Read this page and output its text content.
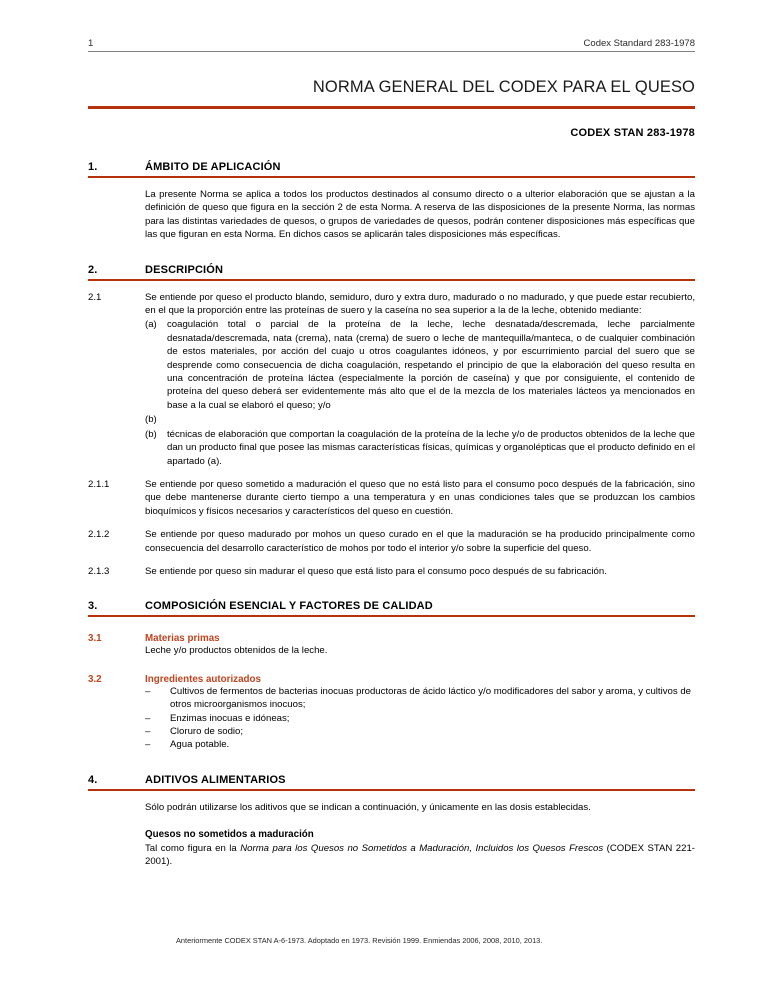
1	Codex Standard 283-1978
NORMA GENERAL DEL CODEX PARA EL QUESO
CODEX STAN 283-1978
1.	ÁMBITO DE APLICACIÓN
La presente Norma se aplica a todos los productos destinados al consumo directo o a ulterior elaboración que se ajustan a la definición de queso que figura en la sección 2 de esta Norma. A reserva de las disposiciones de la presente Norma, las normas para las distintas variedades de quesos, o grupos de variedades de quesos, podrán contener disposiciones más específicas que las que figuran en esta Norma. En dichos casos se aplicarán tales disposiciones más específicas.
2.	DESCRIPCIÓN
2.1	Se entiende por queso el producto blando, semiduro, duro y extra duro, madurado o no madurado, y que puede estar recubierto, en el que la proporción entre las proteínas de suero y la caseína no sea superior a la de la leche, obtenido mediante:
(a)	coagulación total o parcial de la proteína de la leche, leche desnatada/descremada, leche parcialmente desnatada/descremada, nata (crema), nata (crema) de suero o leche de mantequilla/manteca, o de cualquier combinación de estos materiales, por acción del cuajo u otros coagulantes idóneos, y por escurrimiento parcial del suero que se desprende como consecuencia de dicha coagulación, respetando el principio de que la elaboración del queso resulta en una concentración de proteína láctea (especialmente la porción de caseína) y que por consiguiente, el contenido de proteína del queso deberá ser evidentemente más alto que el de la mezcla de los materiales lácteos ya mencionados en base a la cual se elaboró el queso; y/o
(b)
(b)	técnicas de elaboración que comportan la coagulación de la proteína de la leche y/o de productos obtenidos de la leche que dan un producto final que posee las mismas características físicas, químicas y organolépticas que el producto definido en el apartado (a).
2.1.1	Se entiende por queso sometido a maduración el queso que no está listo para el consumo poco después de la fabricación, sino que debe mantenerse durante cierto tiempo a una temperatura y en unas condiciones tales que se produzcan los cambios bioquímicos y físicos necesarios y característicos del queso en cuestión.
2.1.2	Se entiende por queso madurado por mohos un queso curado en el que la maduración se ha producido principalmente como consecuencia del desarrollo característico de mohos por todo el interior y/o sobre la superficie del queso.
2.1.3	Se entiende por queso sin madurar el queso que está listo para el consumo poco después de su fabricación.
3.	COMPOSICIÓN ESENCIAL Y FACTORES DE CALIDAD
3.1	Materias primas
Leche y/o productos obtenidos de la leche.
3.2	Ingredientes autorizados
–	Cultivos de fermentos de bacterias inocuas productoras de ácido láctico y/o modificadores del sabor y aroma, y cultivos de otros microorganismos inocuos;
–	Enzimas inocuas e idóneas;
–	Cloruro de sodio;
–	Agua potable.
4.	ADITIVOS ALIMENTARIOS
Sólo podrán utilizarse los aditivos que se indican a continuación, y únicamente en las dosis establecidas.
Quesos no sometidos a maduración
Tal como figura en la Norma para los Quesos no Sometidos a Maduración, Incluidos los Quesos Frescos (CODEX STAN 221-2001).
Anteriormente CODEX STAN A-6-1973. Adoptado en 1973. Revisión 1999. Enmiendas 2006, 2008, 2010, 2013.
